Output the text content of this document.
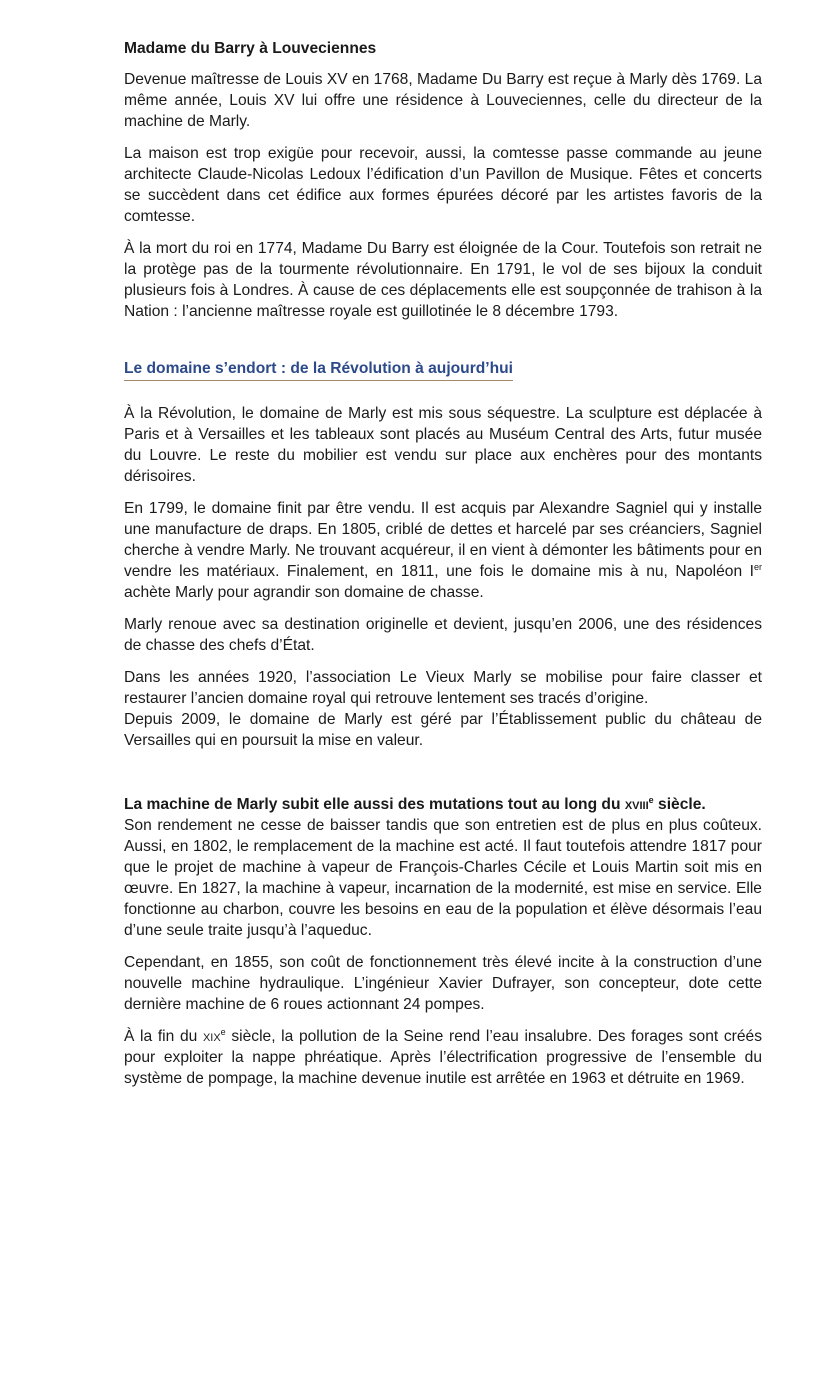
Madame du Barry à Louveciennes

Devenue maîtresse de Louis XV en 1768, Madame Du Barry est reçue à Marly dès 1769. La même année, Louis XV lui offre une résidence à Louveciennes, celle du directeur de la machine de Marly.

La maison est trop exigüe pour recevoir, aussi, la comtesse passe commande au jeune architecte Claude-Nicolas Ledoux l’édification d’un Pavillon de Musique. Fêtes et concerts se succèdent dans cet édifice aux formes épurées décoré par les artistes favoris de la comtesse.

À la mort du roi en 1774, Madame Du Barry est éloignée de la Cour. Toutefois son retrait ne la protège pas de la tourmente révolutionnaire. En 1791, le vol de ses bijoux la conduit plusieurs fois à Londres. À cause de ces déplacements elle est soupçonnée de trahison à la Nation : l’ancienne maîtresse royale est guillotinée le 8 décembre 1793.

Le domaine s’endort : de la Révolution à aujourd’hui

À la Révolution, le domaine de Marly est mis sous séquestre. La sculpture est déplacée à Paris et à Versailles et les tableaux sont placés au Muséum Central des Arts, futur musée du Louvre. Le reste du mobilier est vendu sur place aux enchères pour des montants dérisoires.

En 1799, le domaine finit par être vendu. Il est acquis par Alexandre Sagniel qui y installe une manufacture de draps. En 1805, criblé de dettes et harcelé par ses créanciers, Sagniel cherche à vendre Marly. Ne trouvant acquéreur, il en vient à démonter les bâtiments pour en vendre les matériaux. Finalement, en 1811, une fois le domaine mis à nu, Napoléon Ier achète Marly pour agrandir son domaine de chasse.

Marly renoue avec sa destination originelle et devient, jusqu’en 2006, une des résidences de chasse des chefs d’État.

Dans les années 1920, l’association Le Vieux Marly se mobilise pour faire classer et restaurer l’ancien domaine royal qui retrouve lentement ses tracés d’origine.

Depuis 2009, le domaine de Marly est géré par l’Établissement public du château de Versailles qui en poursuit la mise en valeur.

La machine de Marly subit elle aussi des mutations tout au long du xviii$^e$ siècle.

Son rendement ne cesse de baisser tandis que son entretien est de plus en plus coûteux. Aussi, en 1802, le remplacement de la machine est acté. Il faut toutefois attendre 1817 pour que le projet de machine à vapeur de François-Charles Cécile et Louis Martin soit mis en œuvre. En 1827, la machine à vapeur, incarnation de la modernité, est mise en service. Elle fonctionne au charbon, couvre les besoins en eau de la population et élève désormais l’eau d’une seule traite jusqu’à l’aqueduc.

Cependant, en 1855, son coût de fonctionnement très élevé incite à la construction d’une nouvelle machine hydraulique. L’ingénieur Xavier Dufrayer, son concepteur, dote cette dernière machine de 6 roues actionnant 24 pompes.

À la fin du xix$^e$ siècle, la pollution de la Seine rend l’eau insalubre. Des forages sont créés pour exploiter la nappe phréatique. Après l’électrification progressive de l’ensemble du système de pompage, la machine devenue inutile est arrêtée en 1963 et détruite en 1969.
